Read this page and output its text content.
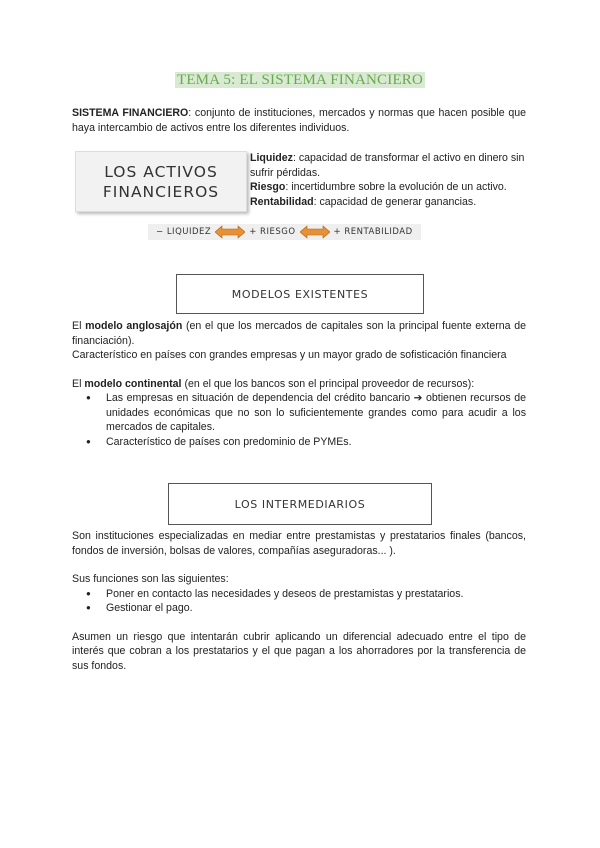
TEMA 5: EL SISTEMA FINANCIERO

SISTEMA FINANCIERO: conjunto de instituciones, mercados y normas que hacen posible que haya intercambio de activos entre los diferentes individuos.

LOS ACTIVOS
FINANCIEROS

Liquidez: capacidad de transformar el activo en dinero sin sufrir pérdidas.

Riesgo: incertidumbre sobre la evolución de un activo.

Rentabilidad: capacidad de generar ganancias.

− LIQUIDEZ	+ RIESGO	+ RENTABILIDAD
MODELOS EXISTENTES

El modelo anglosajón (en el que los mercados de capitales son la principal fuente externa de financiación).

Característico en países con grandes empresas y un mayor grado de sofisticación financiera

El modelo continental (en el que los bancos son el principal proveedor de recursos):

● Las empresas en situación de dependencia del crédito bancario ➔ obtienen recursos de unidades económicas que no son lo suficientemente grandes como para acudir a los mercados de capitales.
● Característico de países con predominio de PYMEs.
LOS INTERMEDIARIOS

Son instituciones especializadas en mediar entre prestamistas y prestatarios finales (bancos, fondos de inversión, bolsas de valores, compañías aseguradoras... ).

Sus funciones son las siguientes:

● Poner en contacto las necesidades y deseos de prestamistas y prestatarios.
● Gestionar el pago.

Asumen un riesgo que intentarán cubrir aplicando un diferencial adecuado entre el tipo de interés que cobran a los prestatarios y el que pagan a los ahorradores por la transferencia de sus fondos.
